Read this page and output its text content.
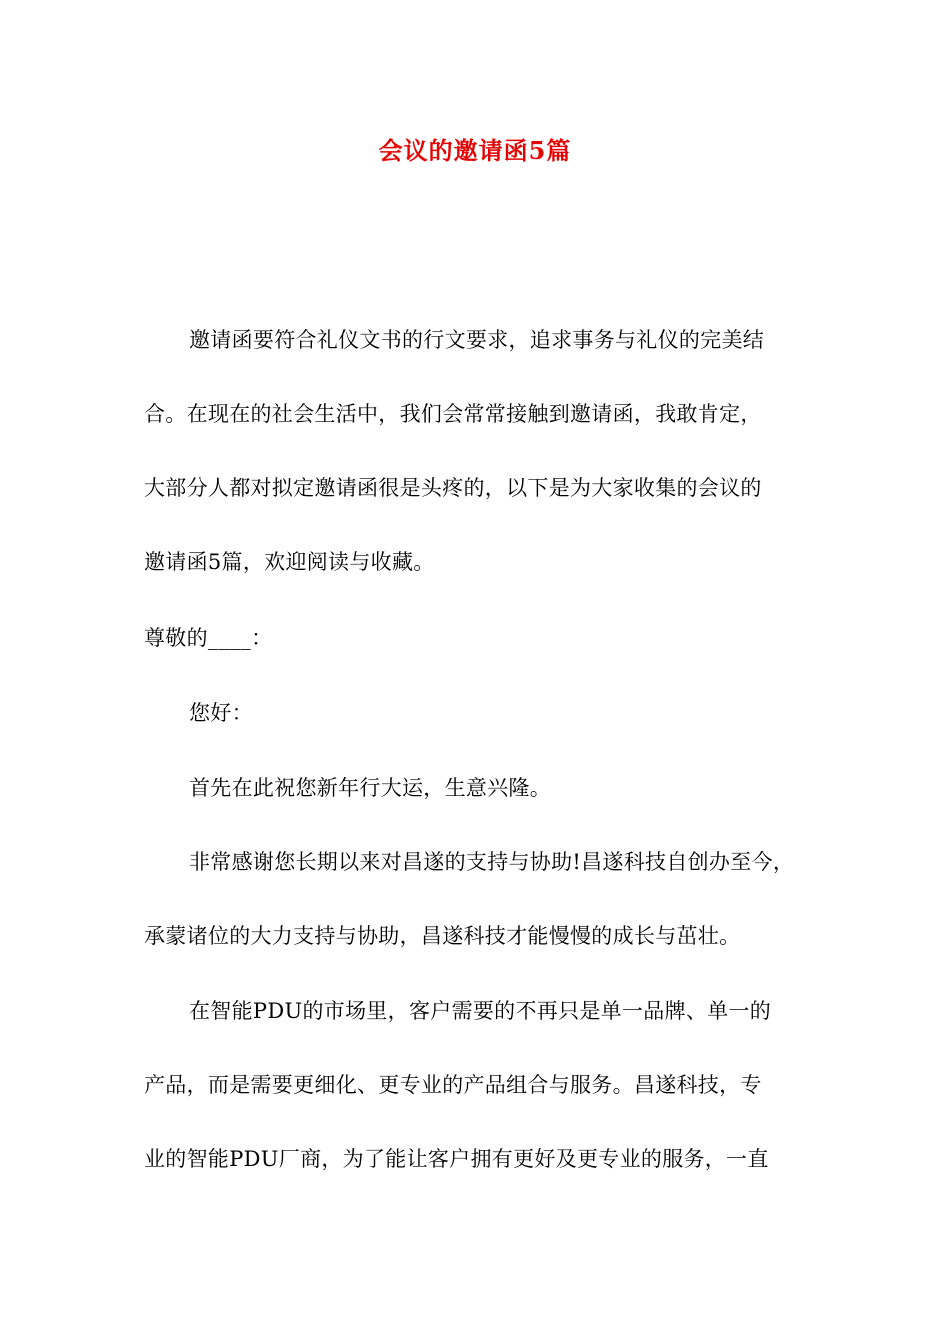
会议的邀请函5篇
邀请函要符合礼仪文书的行文要求，追求事务与礼仪的完美结
合。在现在的社会生活中，我们会常常接触到邀请函，我敢肯定，
大部分人都对拟定邀请函很是头疼的，以下是为大家收集的会议的
邀请函5篇，欢迎阅读与收藏。
尊敬的____：
您好：
首先在此祝您新年行大运，生意兴隆。
非常感谢您长期以来对昌遂的支持与协助!昌遂科技自创办至今，
承蒙诸位的大力支持与协助，昌遂科技才能慢慢的成长与茁壮。
在智能PDU的市场里，客户需要的不再只是单一品牌、单一的
产品，而是需要更细化、更专业的产品组合与服务。昌遂科技，专
业的智能PDU厂商，为了能让客户拥有更好及更专业的服务，一直
